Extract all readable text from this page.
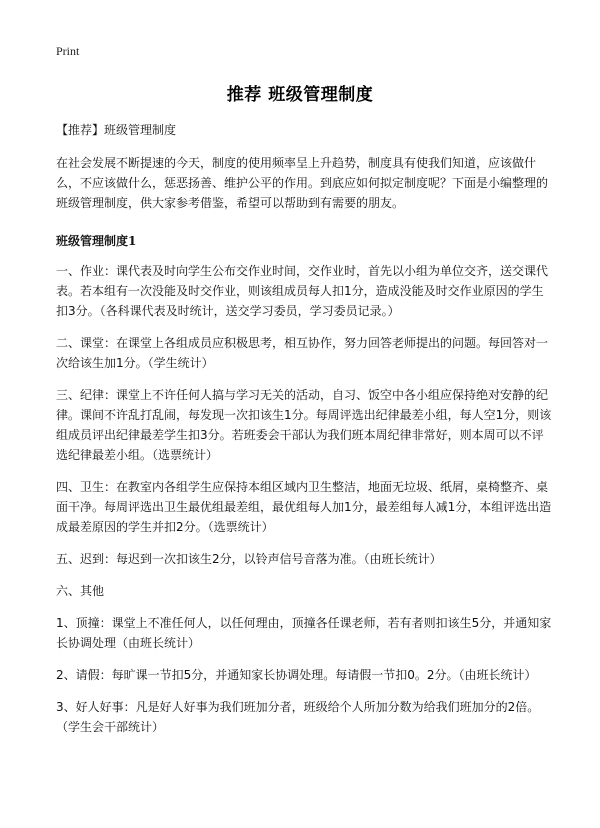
Print
推荐 班级管理制度

【推荐】班级管理制度

在社会发展不断提速的今天，制度的使用频率呈上升趋势，制度具有使我们知道，应该做什么，不应该做什么，惩恶扬善、维护公平的作用。到底应如何拟定制度呢？下面是小编整理的班级管理制度，供大家参考借鉴，希望可以帮助到有需要的朋友。

班级管理制度1

一、作业：课代表及时向学生公布交作业时间，交作业时，首先以小组为单位交齐，送交课代表。若本组有一次没能及时交作业，则该组成员每人扣1分，造成没能及时交作业原因的学生扣3分。（各科课代表及时统计，送交学习委员，学习委员记录。）

二、课堂：在课堂上各组成员应积极思考，相互协作，努力回答老师提出的问题。每回答对一次给该生加1分。（学生统计）

三、纪律：课堂上不许任何人搞与学习无关的活动，自习、饭空中各小组应保持绝对安静的纪律。课间不许乱打乱闹，每发现一次扣该生1分。每周评选出纪律最差小组，每人空1分，则该组成员评出纪律最差学生扣3分。若班委会干部认为我们班本周纪律非常好，则本周可以不评选纪律最差小组。（选票统计）

四、卫生：在教室内各组学生应保持本组区域内卫生整洁，地面无垃圾、纸屑，桌椅整齐、桌面干净。每周评选出卫生最优组最差组，最优组每人加1分，最差组每人减1分，本组评选出造成最差原因的学生并扣2分。（选票统计）

五、迟到：每迟到一次扣该生2分，以铃声信号音落为准。（由班长统计）

六、其他

1、顶撞：课堂上不准任何人，以任何理由，顶撞各任课老师，若有者则扣该生5分，并通知家长协调处理（由班长统计）

2、请假：每旷课一节扣5分，并通知家长协调处理。每请假一节扣0。2分。（由班长统计）

3、好人好事：凡是好人好事为我们班加分者，班级给个人所加分数为给我们班加分的2倍。（学生会干部统计）
